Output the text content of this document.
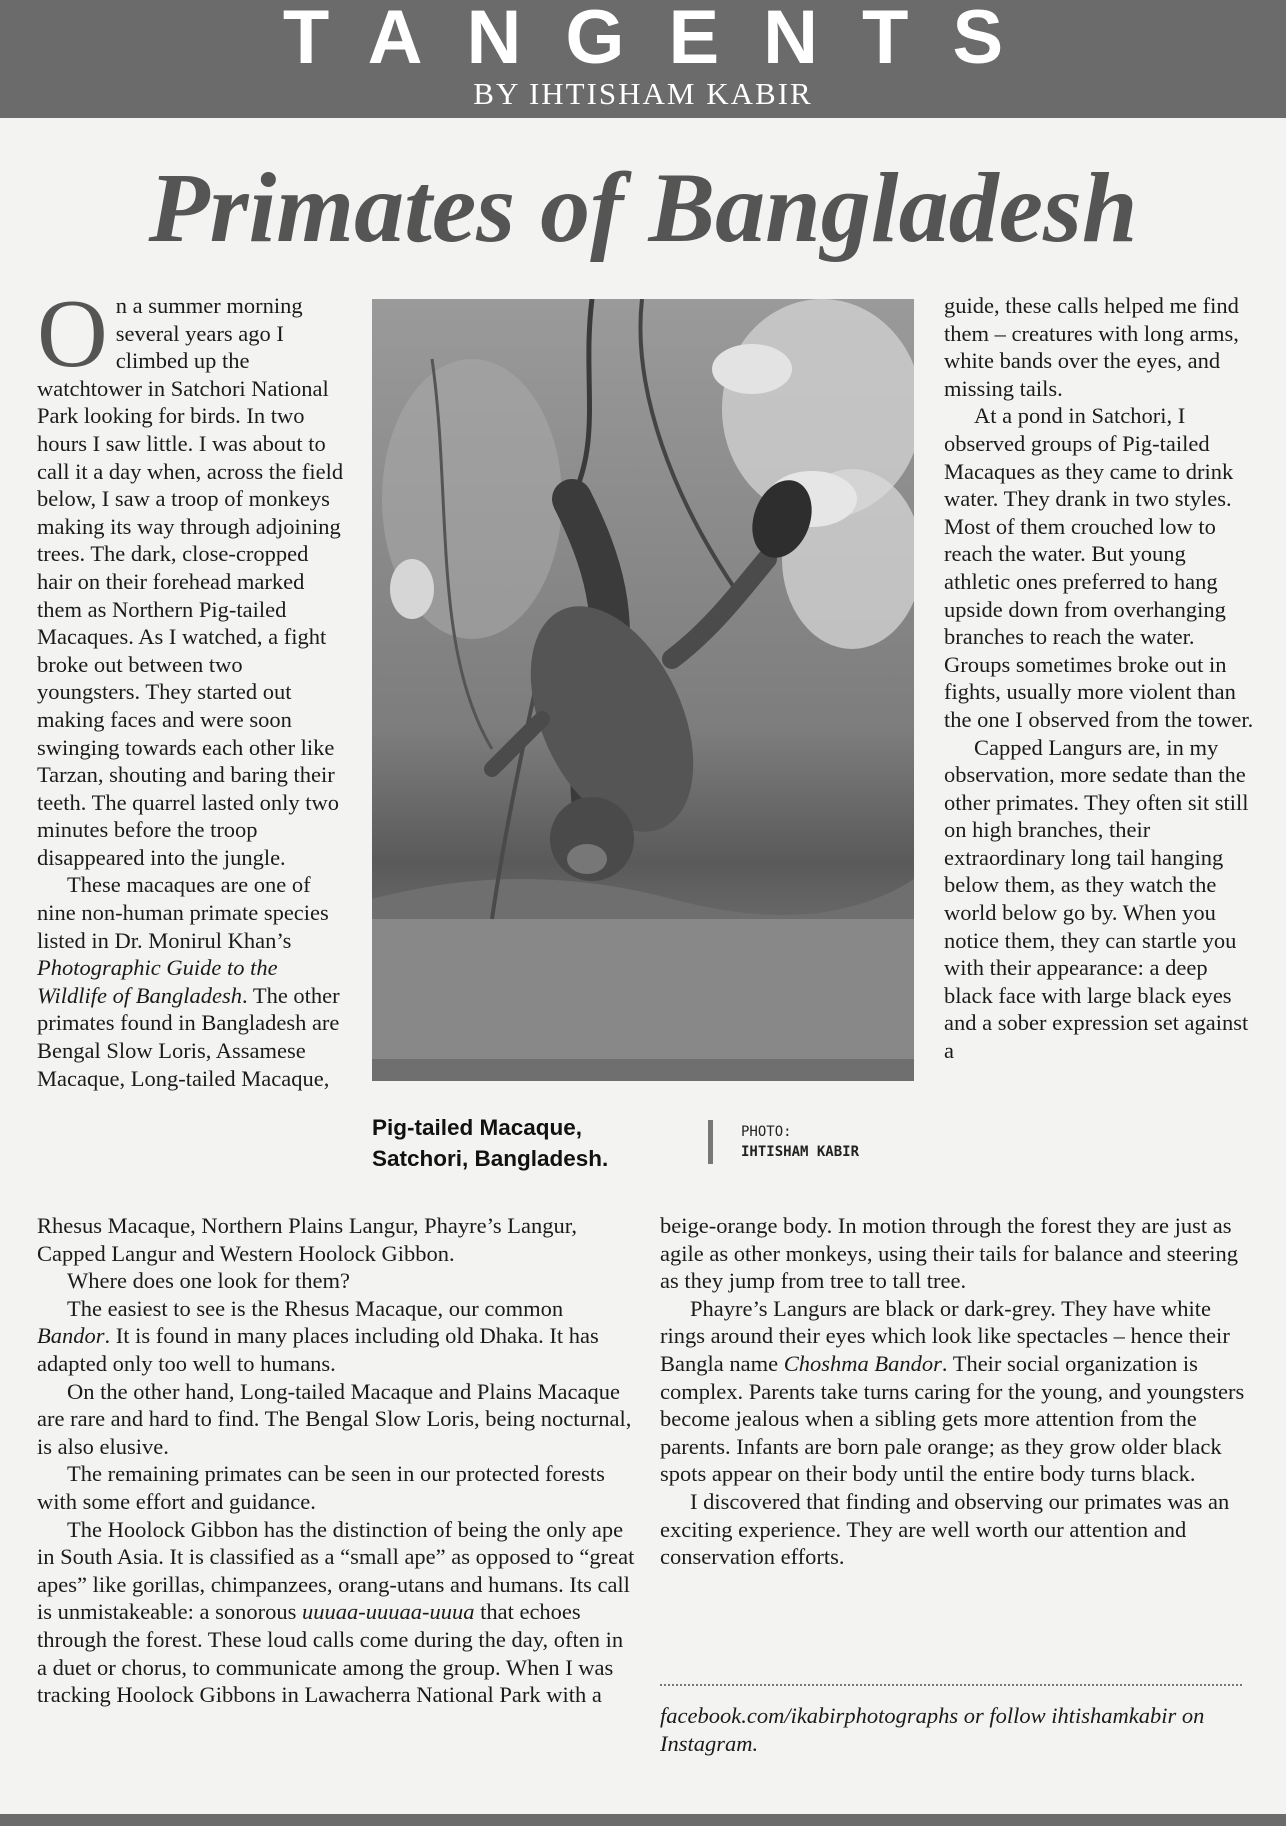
TANGENTS
BY IHTISHAM KABIR
Primates of Bangladesh

On a summer morning several years ago I climbed up the watchtower in Satchori National Park looking for birds. In two hours I saw little. I was about to call it a day when, across the field below, I saw a troop of monkeys making its way through adjoining trees. The dark, close-cropped hair on their forehead marked them as Northern Pig-tailed Macaques. As I watched, a fight broke out between two youngsters. They started out making faces and were soon swinging towards each other like Tarzan, shouting and baring their teeth. The quarrel lasted only two minutes before the troop disappeared into the jungle.

These macaques are one of nine non-human primate species listed in Dr. Monirul Khan’s Photographic Guide to the Wildlife of Bangladesh. The other primates found in Bangladesh are Bengal Slow Loris, Assamese Macaque, Long-tailed Macaque,

Pig-tailed Macaque, Satchori, Bangladesh.
PHOTO:
IHTISHAM KABIR

guide, these calls helped me find them – creatures with long arms, white bands over the eyes, and missing tails.

At a pond in Satchori, I observed groups of Pig-tailed Macaques as they came to drink water. They drank in two styles. Most of them crouched low to reach the water. But young athletic ones preferred to hang upside down from overhanging branches to reach the water. Groups sometimes broke out in fights, usually more violent than the one I observed from the tower.

Capped Langurs are, in my observation, more sedate than the other primates. They often sit still on high branches, their extraordinary long tail hanging below them, as they watch the world below go by. When you notice them, they can startle you with their appearance: a deep black face with large black eyes and a sober expression set against a

Rhesus Macaque, Northern Plains Langur, Phayre’s Langur, Capped Langur and Western Hoolock Gibbon.

Where does one look for them?

The easiest to see is the Rhesus Macaque, our common Bandor. It is found in many places including old Dhaka. It has adapted only too well to humans.

On the other hand, Long-tailed Macaque and Plains Macaque are rare and hard to find. The Bengal Slow Loris, being nocturnal, is also elusive.

The remaining primates can be seen in our protected forests with some effort and guidance.

The Hoolock Gibbon has the distinction of being the only ape in South Asia. It is classified as a “small ape” as opposed to “great apes” like gorillas, chimpanzees, orang-utans and humans. Its call is unmistakeable: a sonorous uuuaa-uuuaa-uuua that echoes through the forest. These loud calls come during the day, often in a duet or chorus, to communicate among the group. When I was tracking Hoolock Gibbons in Lawacherra National Park with a

beige-orange body. In motion through the forest they are just as agile as other monkeys, using their tails for balance and steering as they jump from tree to tall tree.

Phayre’s Langurs are black or dark-grey. They have white rings around their eyes which look like spectacles – hence their Bangla name Choshma Bandor. Their social organization is complex. Parents take turns caring for the young, and youngsters become jealous when a sibling gets more attention from the parents. Infants are born pale orange; as they grow older black spots appear on their body until the entire body turns black.

I discovered that finding and observing our primates was an exciting experience. They are well worth our attention and conservation efforts.

facebook.com/ikabirphotographs or follow ihtishamkabir on Instagram.
